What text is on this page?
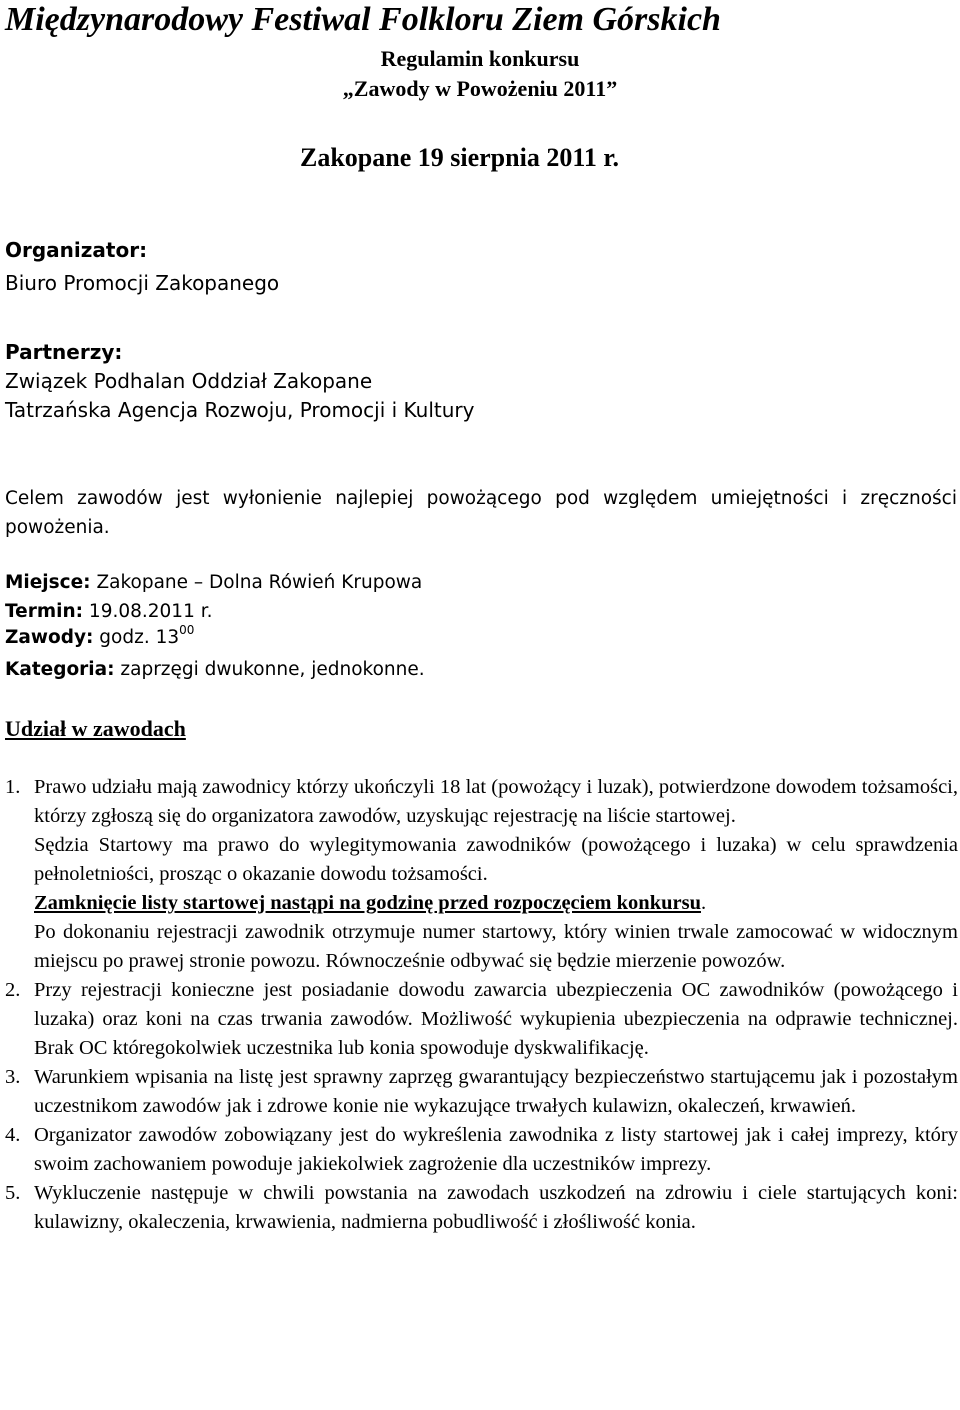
Międzynarodowy Festiwal Folkloru Ziem Górskich
Regulamin konkursu
„Zawody w Powożeniu 2011”
Zakopane 19 sierpnia 2011 r.
Organizator:
Biuro Promocji Zakopanego
Partnerzy:
Związek Podhalan Oddział Zakopane
Tatrzańska Agencja Rozwoju, Promocji i Kultury
Celem zawodów jest wyłonienie najlepiej powożącego pod względem umiejętności i zręczności powożenia.
Miejsce: Zakopane – Dolna Rówień Krupowa
Termin: 19.08.2011 r.
Zawody: godz. $13^{00}$
Kategoria: zaprzęgi dwukonne, jednokonne.
Udział w zawodach
1. Prawo udziału mają zawodnicy którzy ukończyli 18 lat (powożący i luzak), potwierdzone dowodem tożsamości, którzy zgłoszą się do organizatora zawodów, uzyskując rejestrację na liście startowej.

Sędzia Startowy ma prawo do wylegitymowania zawodników (powożącego i luzaka) w celu sprawdzenia pełnoletniości, prosząc o okazanie dowodu tożsamości.

Zamknięcie listy startowej nastąpi na godzinę przed rozpoczęciem konkursu.

Po dokonaniu rejestracji zawodnik otrzymuje numer startowy, który winien trwale zamocować w widocznym miejscu po prawej stronie powozu. Równocześnie odbywać się będzie mierzenie powozów.

2. Przy rejestracji konieczne jest posiadanie dowodu zawarcia ubezpieczenia OC zawodników (powożącego i luzaka) oraz koni na czas trwania zawodów. Możliwość wykupienia ubezpieczenia na odprawie technicznej. Brak OC któregokolwiek uczestnika lub konia spowoduje dyskwalifikację.
3. Warunkiem wpisania na listę jest sprawny zaprzęg gwarantujący bezpieczeństwo startującemu jak i pozostałym uczestnikom zawodów jak i zdrowe konie nie wykazujące trwałych kulawizn, okaleczeń, krwawień.
4. Organizator zawodów zobowiązany jest do wykreślenia zawodnika z listy startowej jak i całej imprezy, który swoim zachowaniem powoduje jakiekolwiek zagrożenie dla uczestników imprezy.
5. Wykluczenie następuje w chwili powstania na zawodach uszkodzeń na zdrowiu i ciele startujących koni: kulawizny, okaleczenia, krwawienia, nadmierna pobudliwość i złośliwość konia.
